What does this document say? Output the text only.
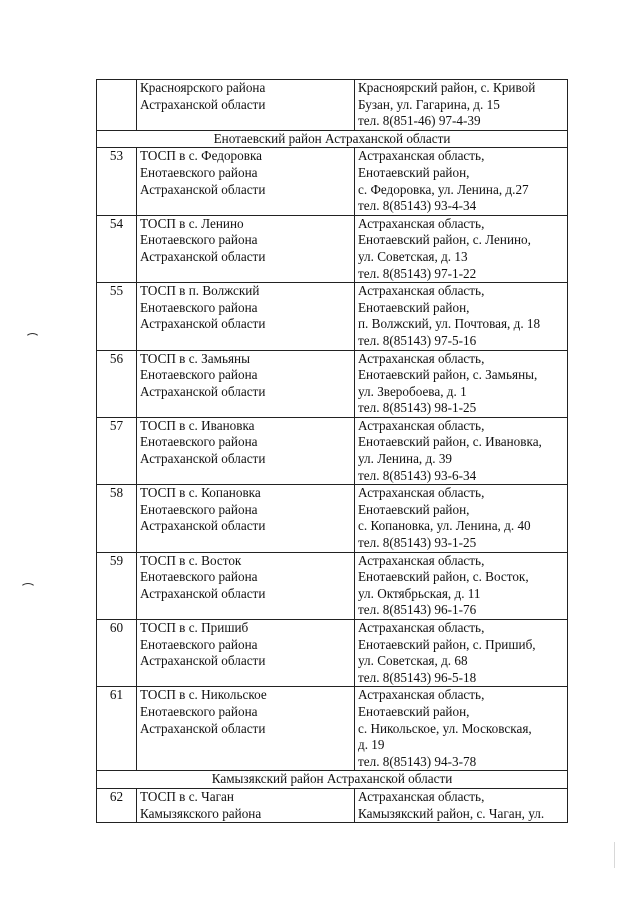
	Красноярского района
Астраханской области	Красноярский район, с. Кривой
Бузан, ул. Гагарина, д. 15
тел. 8(851-46) 97-4-39

Енотаевский район Астраханской области		
53	ТОСП в с. Федоровка
Енотаевского района
Астраханской области	Астраханская область,
Енотаевский район,
с. Федоровка, ул. Ленина, д.27
тел. 8(85143) 93-4-34

54	ТОСП в с. Ленино
Енотаевского района
Астраханской области	Астраханская область,
Енотаевский район, с. Ленино,
ул. Советская, д. 13
тел. 8(85143) 97-1-22

55	ТОСП в п. Волжский
Енотаевского района
Астраханской области	Астраханская область,
Енотаевский район,
п. Волжский, ул. Почтовая, д. 18
тел. 8(85143) 97-5-16

56	ТОСП в с. Замьяны
Енотаевского района
Астраханской области	Астраханская область,
Енотаевский район, с. Замьяны,
ул. Зверобоева, д. 1
тел. 8(85143) 98-1-25

57	ТОСП в с. Ивановка
Енотаевского района
Астраханской области	Астраханская область,
Енотаевский район, с. Ивановка,
ул. Ленина, д. 39
тел. 8(85143) 93-6-34

58	ТОСП в с. Копановка
Енотаевского района
Астраханской области	Астраханская область,
Енотаевский район,
с. Копановка, ул. Ленина, д. 40
тел. 8(85143) 93-1-25

59	ТОСП в с. Восток
Енотаевского района
Астраханской области	Астраханская область,
Енотаевский район, с. Восток,
ул. Октябрьская, д. 11
тел. 8(85143) 96-1-76

60	ТОСП в с. Пришиб
Енотаевского района
Астраханской области	Астраханская область,
Енотаевский район, с. Пришиб,
ул. Советская, д. 68
тел. 8(85143) 96-5-18

61	ТОСП в с. Никольское
Енотаевского района
Астраханской области	Астраханская область,
Енотаевский район,
с. Никольское, ул. Московская,
д. 19
тел. 8(85143) 94-3-78

Камызякский район Астраханской области		
62	ТОСП в с. Чаган
Камызякского района	Астраханская область,
Камызякский район, с. Чаган, ул.
